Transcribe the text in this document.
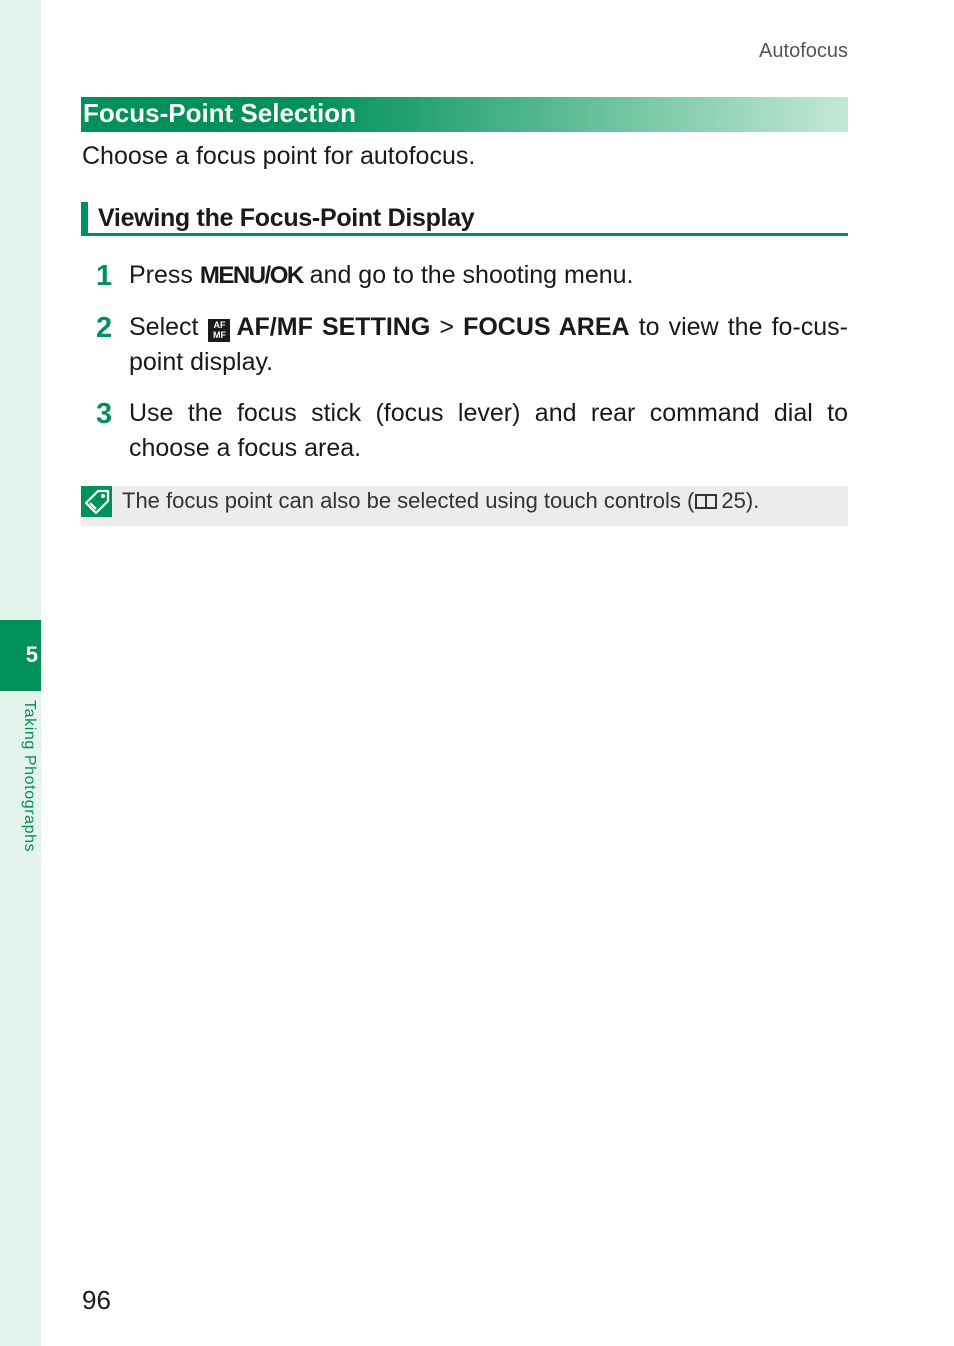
5
Taking Photographs
Autofocus
Focus-Point Selection
Choose a focus point for autofocus.
Viewing the Focus-Point Display
1 Press MENU/OK and go to the shooting menu.
2 Select AF
MF AF/MF SETTING > FOCUS AREA to view the fo-cus-point display.
3 Use the focus stick (focus lever) and rear command dial to choose a focus area.
The focus point can also be selected using touch controls ( 25).
96
